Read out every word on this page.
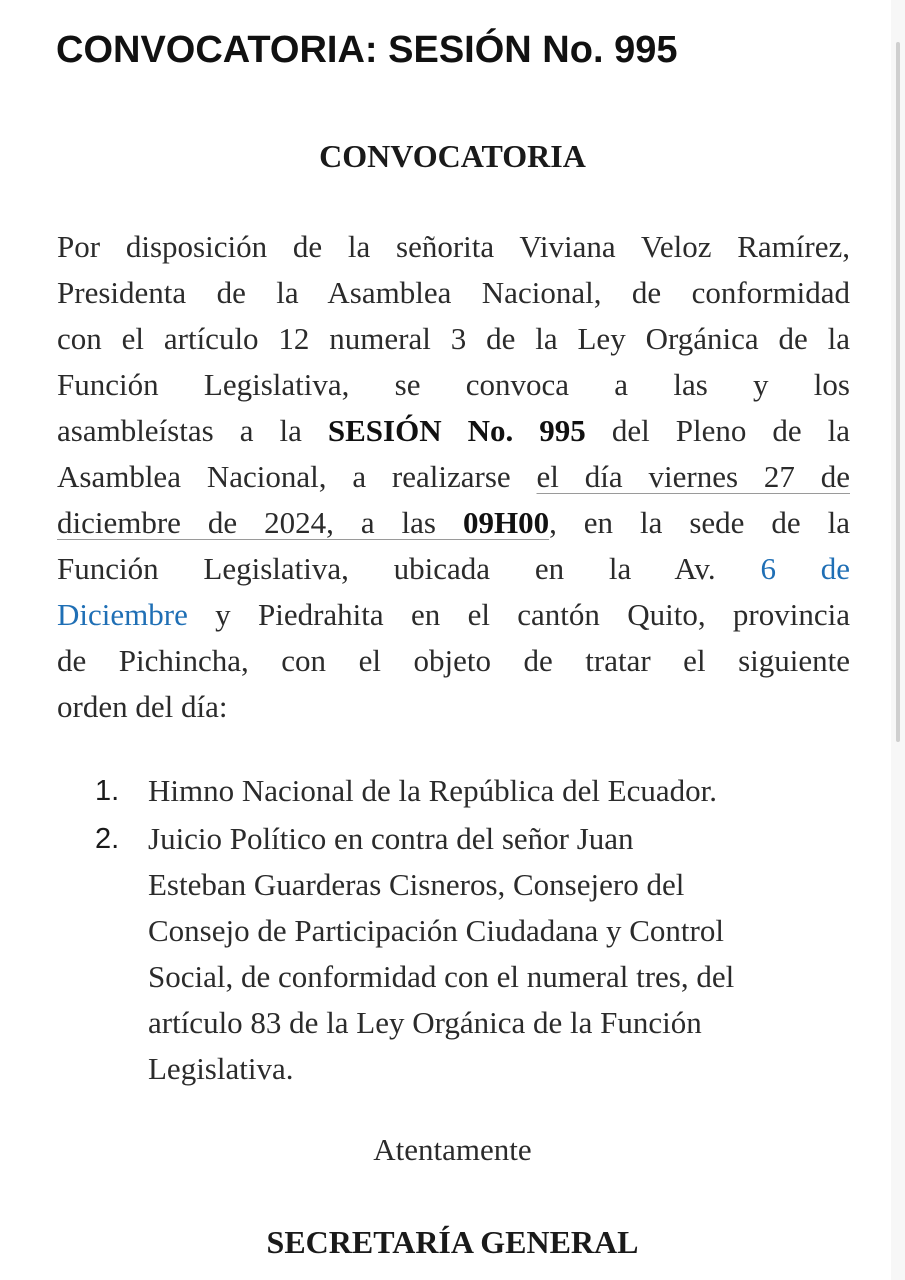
CONVOCATORIA: SESIÓN No. 995
CONVOCATORIA
Por disposición de la señorita Viviana Veloz Ramírez,
Presidenta de la Asamblea Nacional, de conformidad
con el artículo 12 numeral 3 de la Ley Orgánica de la
Función Legislativa, se convoca a las y los
asambleístas a la SESIÓN No. 995 del Pleno de la
Asamblea Nacional, a realizarse el día viernes 27 de
diciembre de 2024, a las 09H00, en la sede de la
Función Legislativa, ubicada en la Av. 6 de
Diciembre y Piedrahita en el cantón Quito, provincia
de Pichincha, con el objeto de tratar el siguiente
orden del día:
1. Himno Nacional de la República del Ecuador.
2. Juicio Político en contra del señor Juan
Esteban Guarderas Cisneros, Consejero del
Consejo de Participación Ciudadana y Control
Social, de conformidad con el numeral tres, del
artículo 83 de la Ley Orgánica de la Función
Legislativa.
Atentamente
SECRETARÍA GENERAL
